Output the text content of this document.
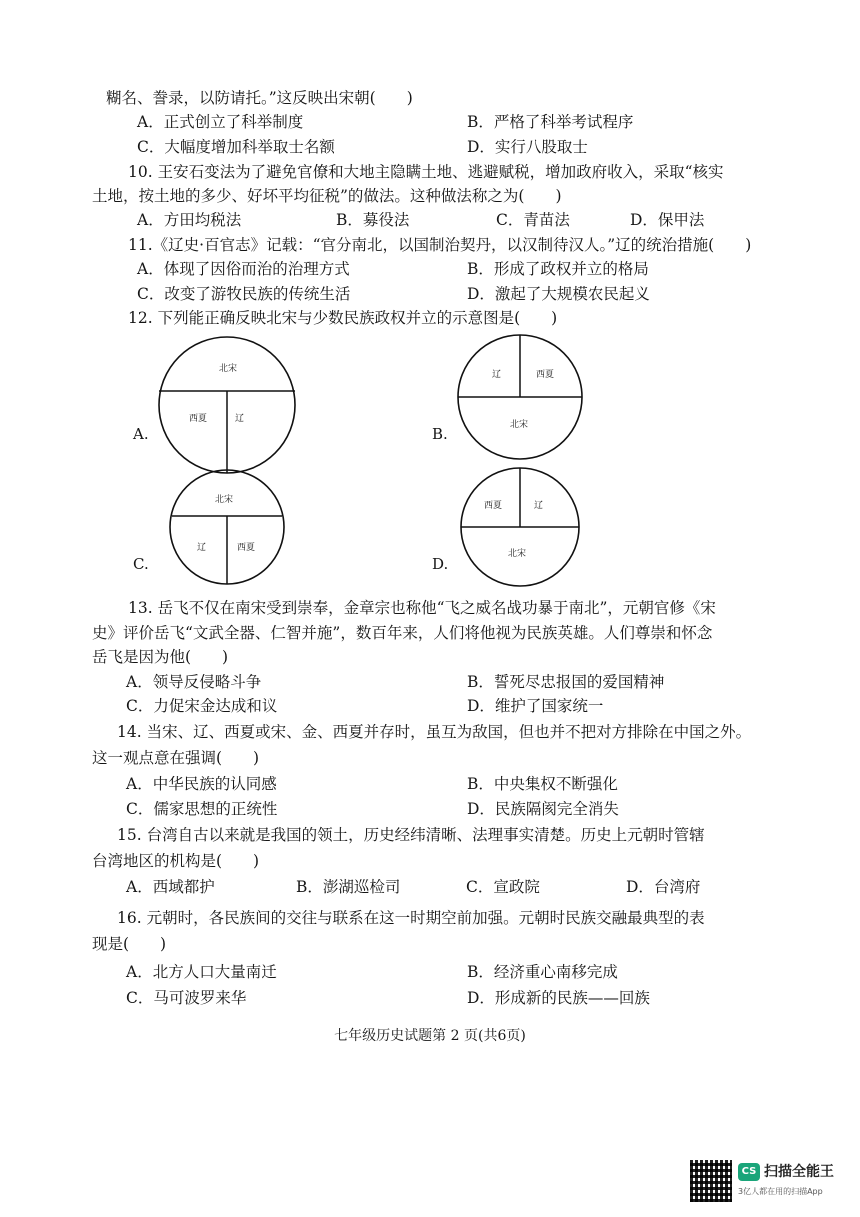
糊名、誊录，以防请托。”这反映出宋朝(　　)
A．正式创立了科举制度	B．严格了科举考试程序
C．大幅度增加科举取士名额	D．实行八股取士
10. 王安石变法为了避免官僚和大地主隐瞒土地、逃避赋税，增加政府收入，采取“核实
土地，按土地的多少、好坏平均征税”的做法。这种做法称之为(　　)
A．方田均税法	B．募役法	C．青苗法	D．保甲法
11.《辽史·百官志》记载：“官分南北，以国制治契丹，以汉制待汉人。”辽的统治措施(　　)
A．体现了因俗而治的治理方式	B．形成了政权并立的格局
C．改变了游牧民族的传统生活	D．激起了大规模农民起义
12. 下列能正确反映北宋与少数民族政权并立的示意图是(　　)
A.
北宋
西夏	辽
B.
辽	西夏
北宋
C.
北宋
辽	西夏
D.
西夏	辽
北宋
13. 岳飞不仅在南宋受到崇奉，金章宗也称他“飞之威名战功暴于南北”，元朝官修《宋
史》评价岳飞“文武全器、仁智并施”，数百年来，人们将他视为民族英雄。人们尊崇和怀念
岳飞是因为他(　　)
A．领导反侵略斗争	B．誓死尽忠报国的爱国精神
C．力促宋金达成和议	D．维护了国家统一
14. 当宋、辽、西夏或宋、金、西夏并存时，虽互为敌国，但也并不把对方排除在中国之外。
这一观点意在强调(　　)
A．中华民族的认同感	B．中央集权不断强化
C．儒家思想的正统性	D．民族隔阂完全消失
15. 台湾自古以来就是我国的领土，历史经纬清晰、法理事实清楚。历史上元朝时管辖
台湾地区的机构是(　　)
A．西域都护	B．澎湖巡检司	C．宣政院	D．台湾府
16. 元朝时，各民族间的交往与联系在这一时期空前加强。元朝时民族交融最典型的表
现是(　　)
A．北方人口大量南迁	B．经济重心南移完成
C．马可波罗来华	D．形成新的民族——回族
七年级历史试题第 2 页(共6页)
CS 扫描全能王
3亿人都在用的扫描App
